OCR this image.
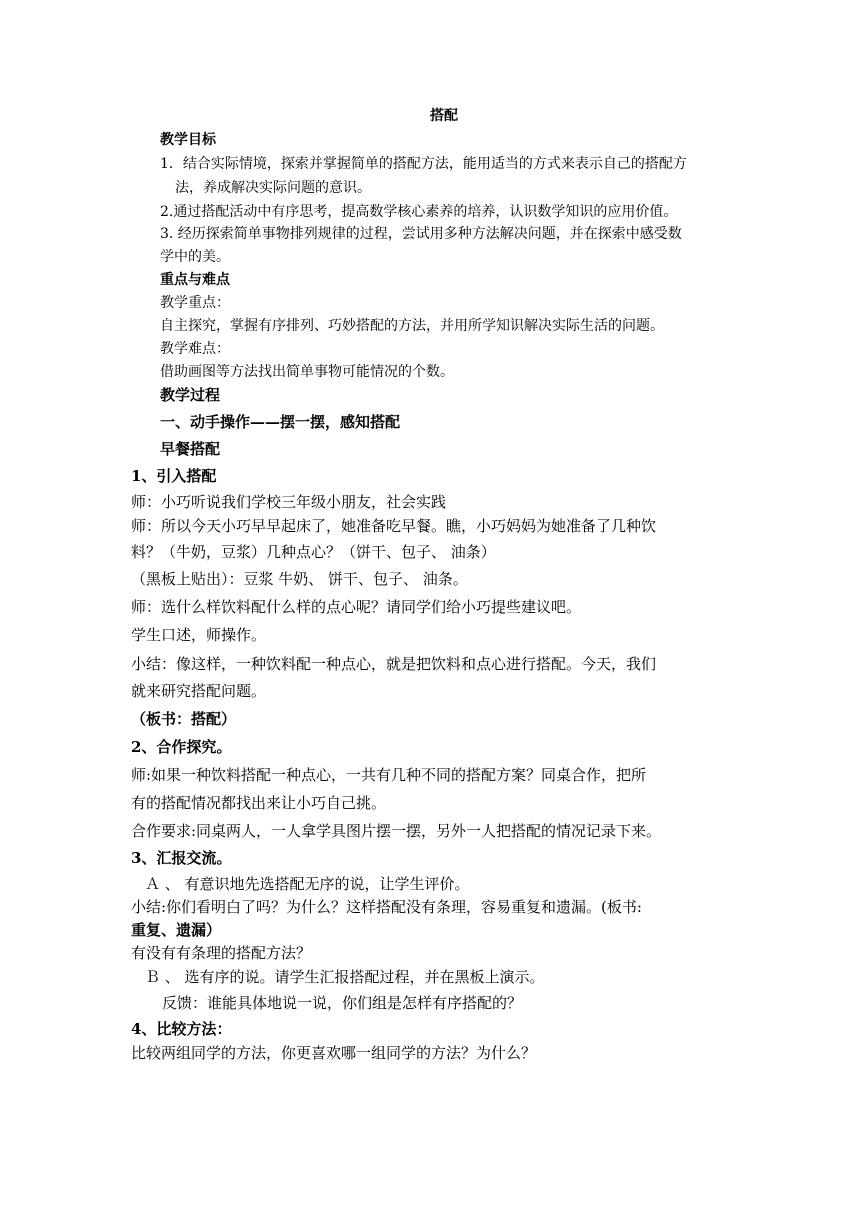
搭配
教学目标
1．结合实际情境，探索并掌握简单的搭配方法，能用适当的方式来表示自己的搭配方
法，养成解决实际问题的意识。
2.通过搭配活动中有序思考，提高数学核心素养的培养，认识数学知识的应用价值。
3. 经历探索简单事物排列规律的过程，尝试用多种方法解决问题，并在探索中感受数
学中的美。
重点与难点
教学重点：
自主探究，掌握有序排列、巧妙搭配的方法，并用所学知识解决实际生活的问题。
教学难点：
借助画图等方法找出简单事物可能情况的个数。
教学过程
一、动手操作——摆一摆，感知搭配
早餐搭配
1、引入搭配
师：小巧听说我们学校三年级小朋友，社会实践
师：所以今天小巧早早起床了，她准备吃早餐。瞧，小巧妈妈为她准备了几种饮
料？（牛奶，豆浆）几种点心？（饼干、包子、 油条）
（黑板上贴出）：豆浆 牛奶、 饼干、包子、 油条。
师：选什么样饮料配什么样的点心呢？请同学们给小巧提些建议吧。
学生口述，师操作。
小结：像这样，一种饮料配一种点心，就是把饮料和点心进行搭配。今天，我们
就来研究搭配问题。
（板书：搭配）
2、合作探究。
师:如果一种饮料搭配一种点心，一共有几种不同的搭配方案？同桌合作，把所
有的搭配情况都找出来让小巧自己挑。
合作要求:同桌两人，一人拿学具图片摆一摆，另外一人把搭配的情况记录下来。
3、汇报交流。
Ａ 、 有意识地先选搭配无序的说，让学生评价。
小结:你们看明白了吗？为什么？这样搭配没有条理，容易重复和遗漏。(板书:
重复、遗漏）
有没有有条理的搭配方法？
Ｂ 、 选有序的说。请学生汇报搭配过程，并在黑板上演示。
反馈：谁能具体地说一说，你们组是怎样有序搭配的？
4、比较方法：
比较两组同学的方法，你更喜欢哪一组同学的方法？为什么？
